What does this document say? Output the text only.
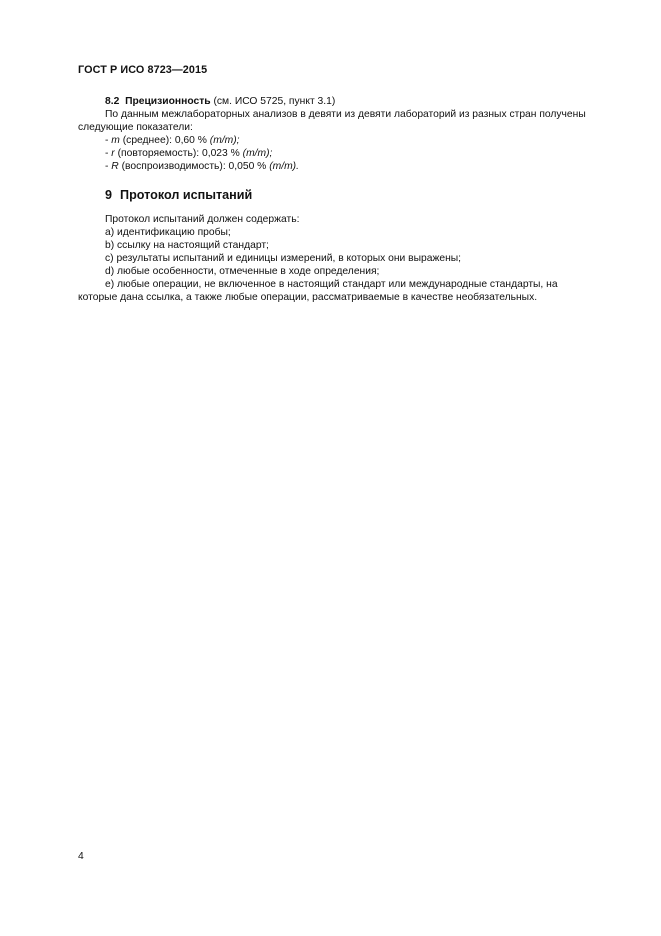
ГОСТ Р ИСО 8723—2015
8.2 Прецизионность (см. ИСО 5725, пункт 3.1)
По данным межлабораторных анализов в девяти из девяти лабораторий из разных стран получены
следующие показатели:
- m (среднее): 0,60 % (m/m);
- r (повторяемость): 0,023 % (m/m);
- R (воспроизводимость): 0,050 % (m/m).
9 Протокол испытаний
Протокол испытаний должен содержать:
а) идентификацию пробы;
b) ссылку на настоящий стандарт;
с) результаты испытаний и единицы измерений, в которых они выражены;
d) любые особенности, отмеченные в ходе определения;
е) любые операции, не включенное в настоящий стандарт или международные стандарты, на
которые дана ссылка, а также любые операции, рассматриваемые в качестве необязательных.
4
